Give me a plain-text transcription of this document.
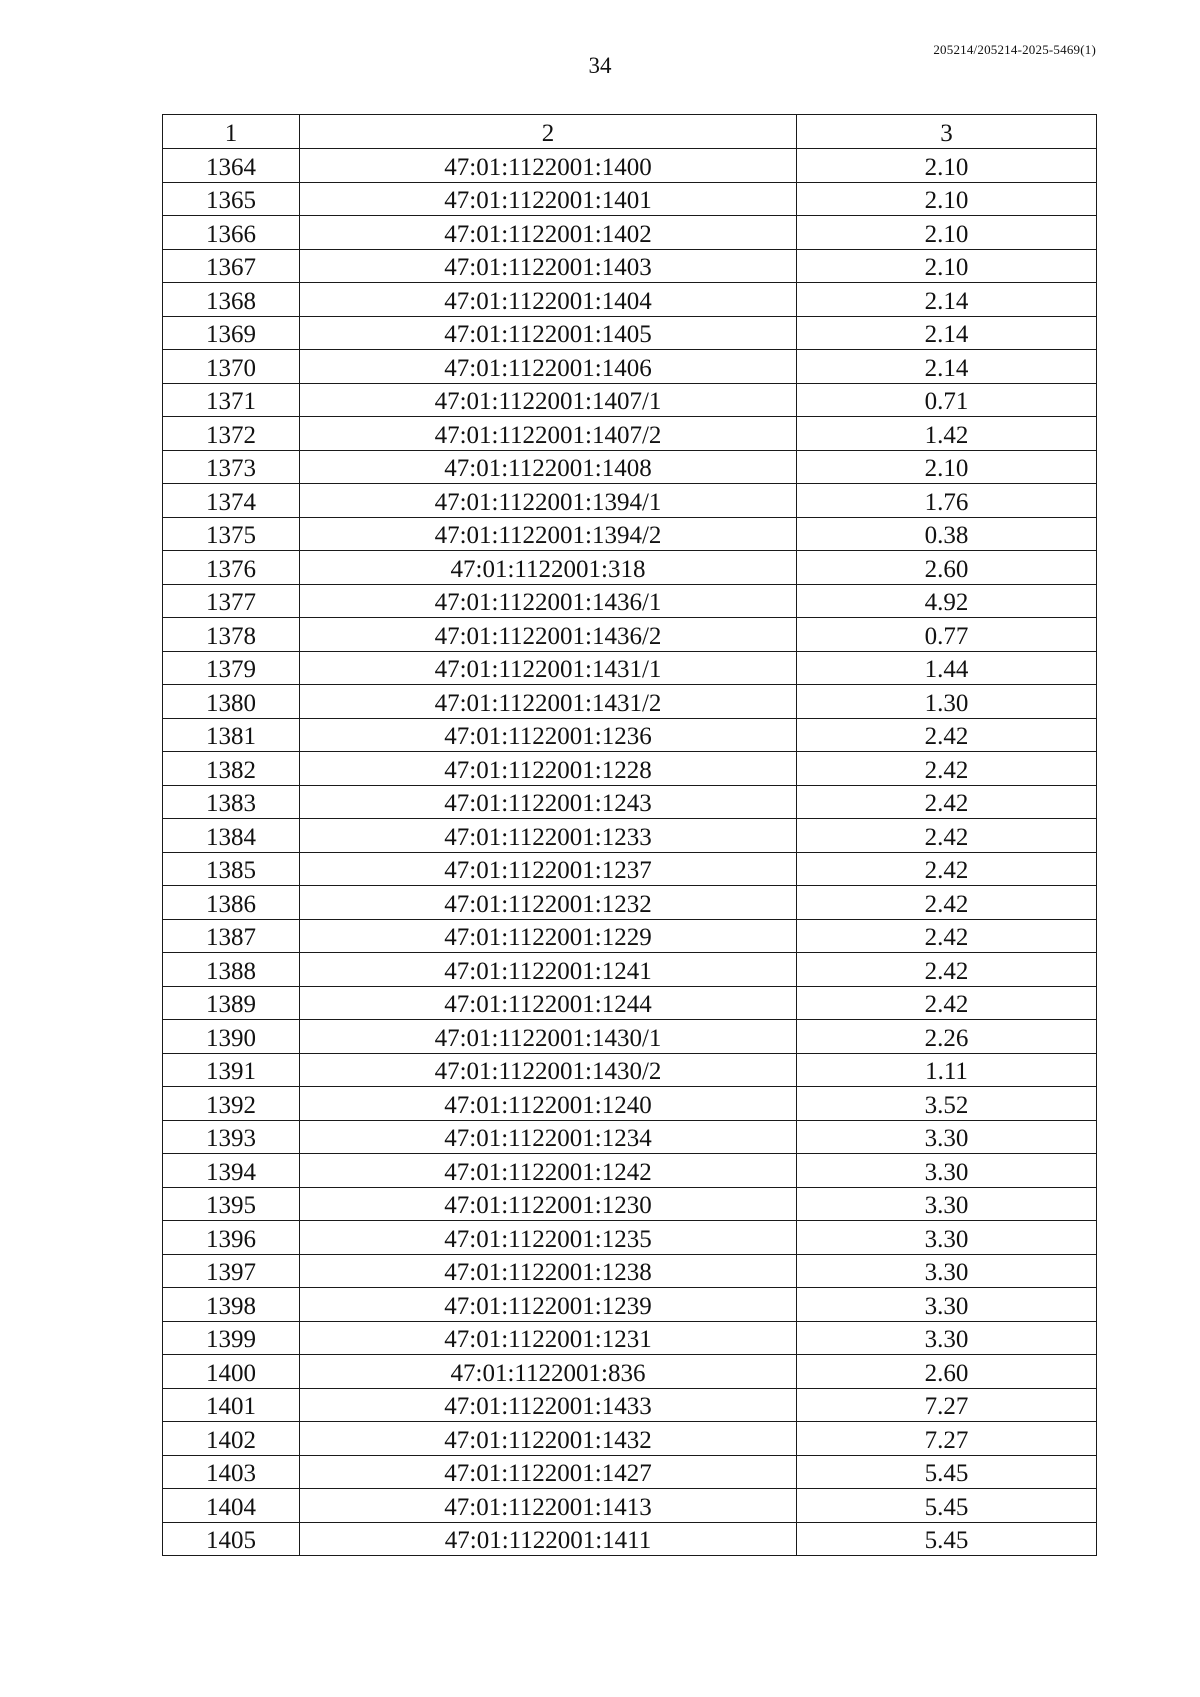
34
205214/205214-2025-5469(1)
1	2	3
1364	47:01:1122001:1400	2.10
1365	47:01:1122001:1401	2.10
1366	47:01:1122001:1402	2.10
1367	47:01:1122001:1403	2.10
1368	47:01:1122001:1404	2.14
1369	47:01:1122001:1405	2.14
1370	47:01:1122001:1406	2.14
1371	47:01:1122001:1407/1	0.71
1372	47:01:1122001:1407/2	1.42
1373	47:01:1122001:1408	2.10
1374	47:01:1122001:1394/1	1.76
1375	47:01:1122001:1394/2	0.38
1376	47:01:1122001:318	2.60
1377	47:01:1122001:1436/1	4.92
1378	47:01:1122001:1436/2	0.77
1379	47:01:1122001:1431/1	1.44
1380	47:01:1122001:1431/2	1.30
1381	47:01:1122001:1236	2.42
1382	47:01:1122001:1228	2.42
1383	47:01:1122001:1243	2.42
1384	47:01:1122001:1233	2.42
1385	47:01:1122001:1237	2.42
1386	47:01:1122001:1232	2.42
1387	47:01:1122001:1229	2.42
1388	47:01:1122001:1241	2.42
1389	47:01:1122001:1244	2.42
1390	47:01:1122001:1430/1	2.26
1391	47:01:1122001:1430/2	1.11
1392	47:01:1122001:1240	3.52
1393	47:01:1122001:1234	3.30
1394	47:01:1122001:1242	3.30
1395	47:01:1122001:1230	3.30
1396	47:01:1122001:1235	3.30
1397	47:01:1122001:1238	3.30
1398	47:01:1122001:1239	3.30
1399	47:01:1122001:1231	3.30
1400	47:01:1122001:836	2.60
1401	47:01:1122001:1433	7.27
1402	47:01:1122001:1432	7.27
1403	47:01:1122001:1427	5.45
1404	47:01:1122001:1413	5.45
1405	47:01:1122001:1411	5.45
